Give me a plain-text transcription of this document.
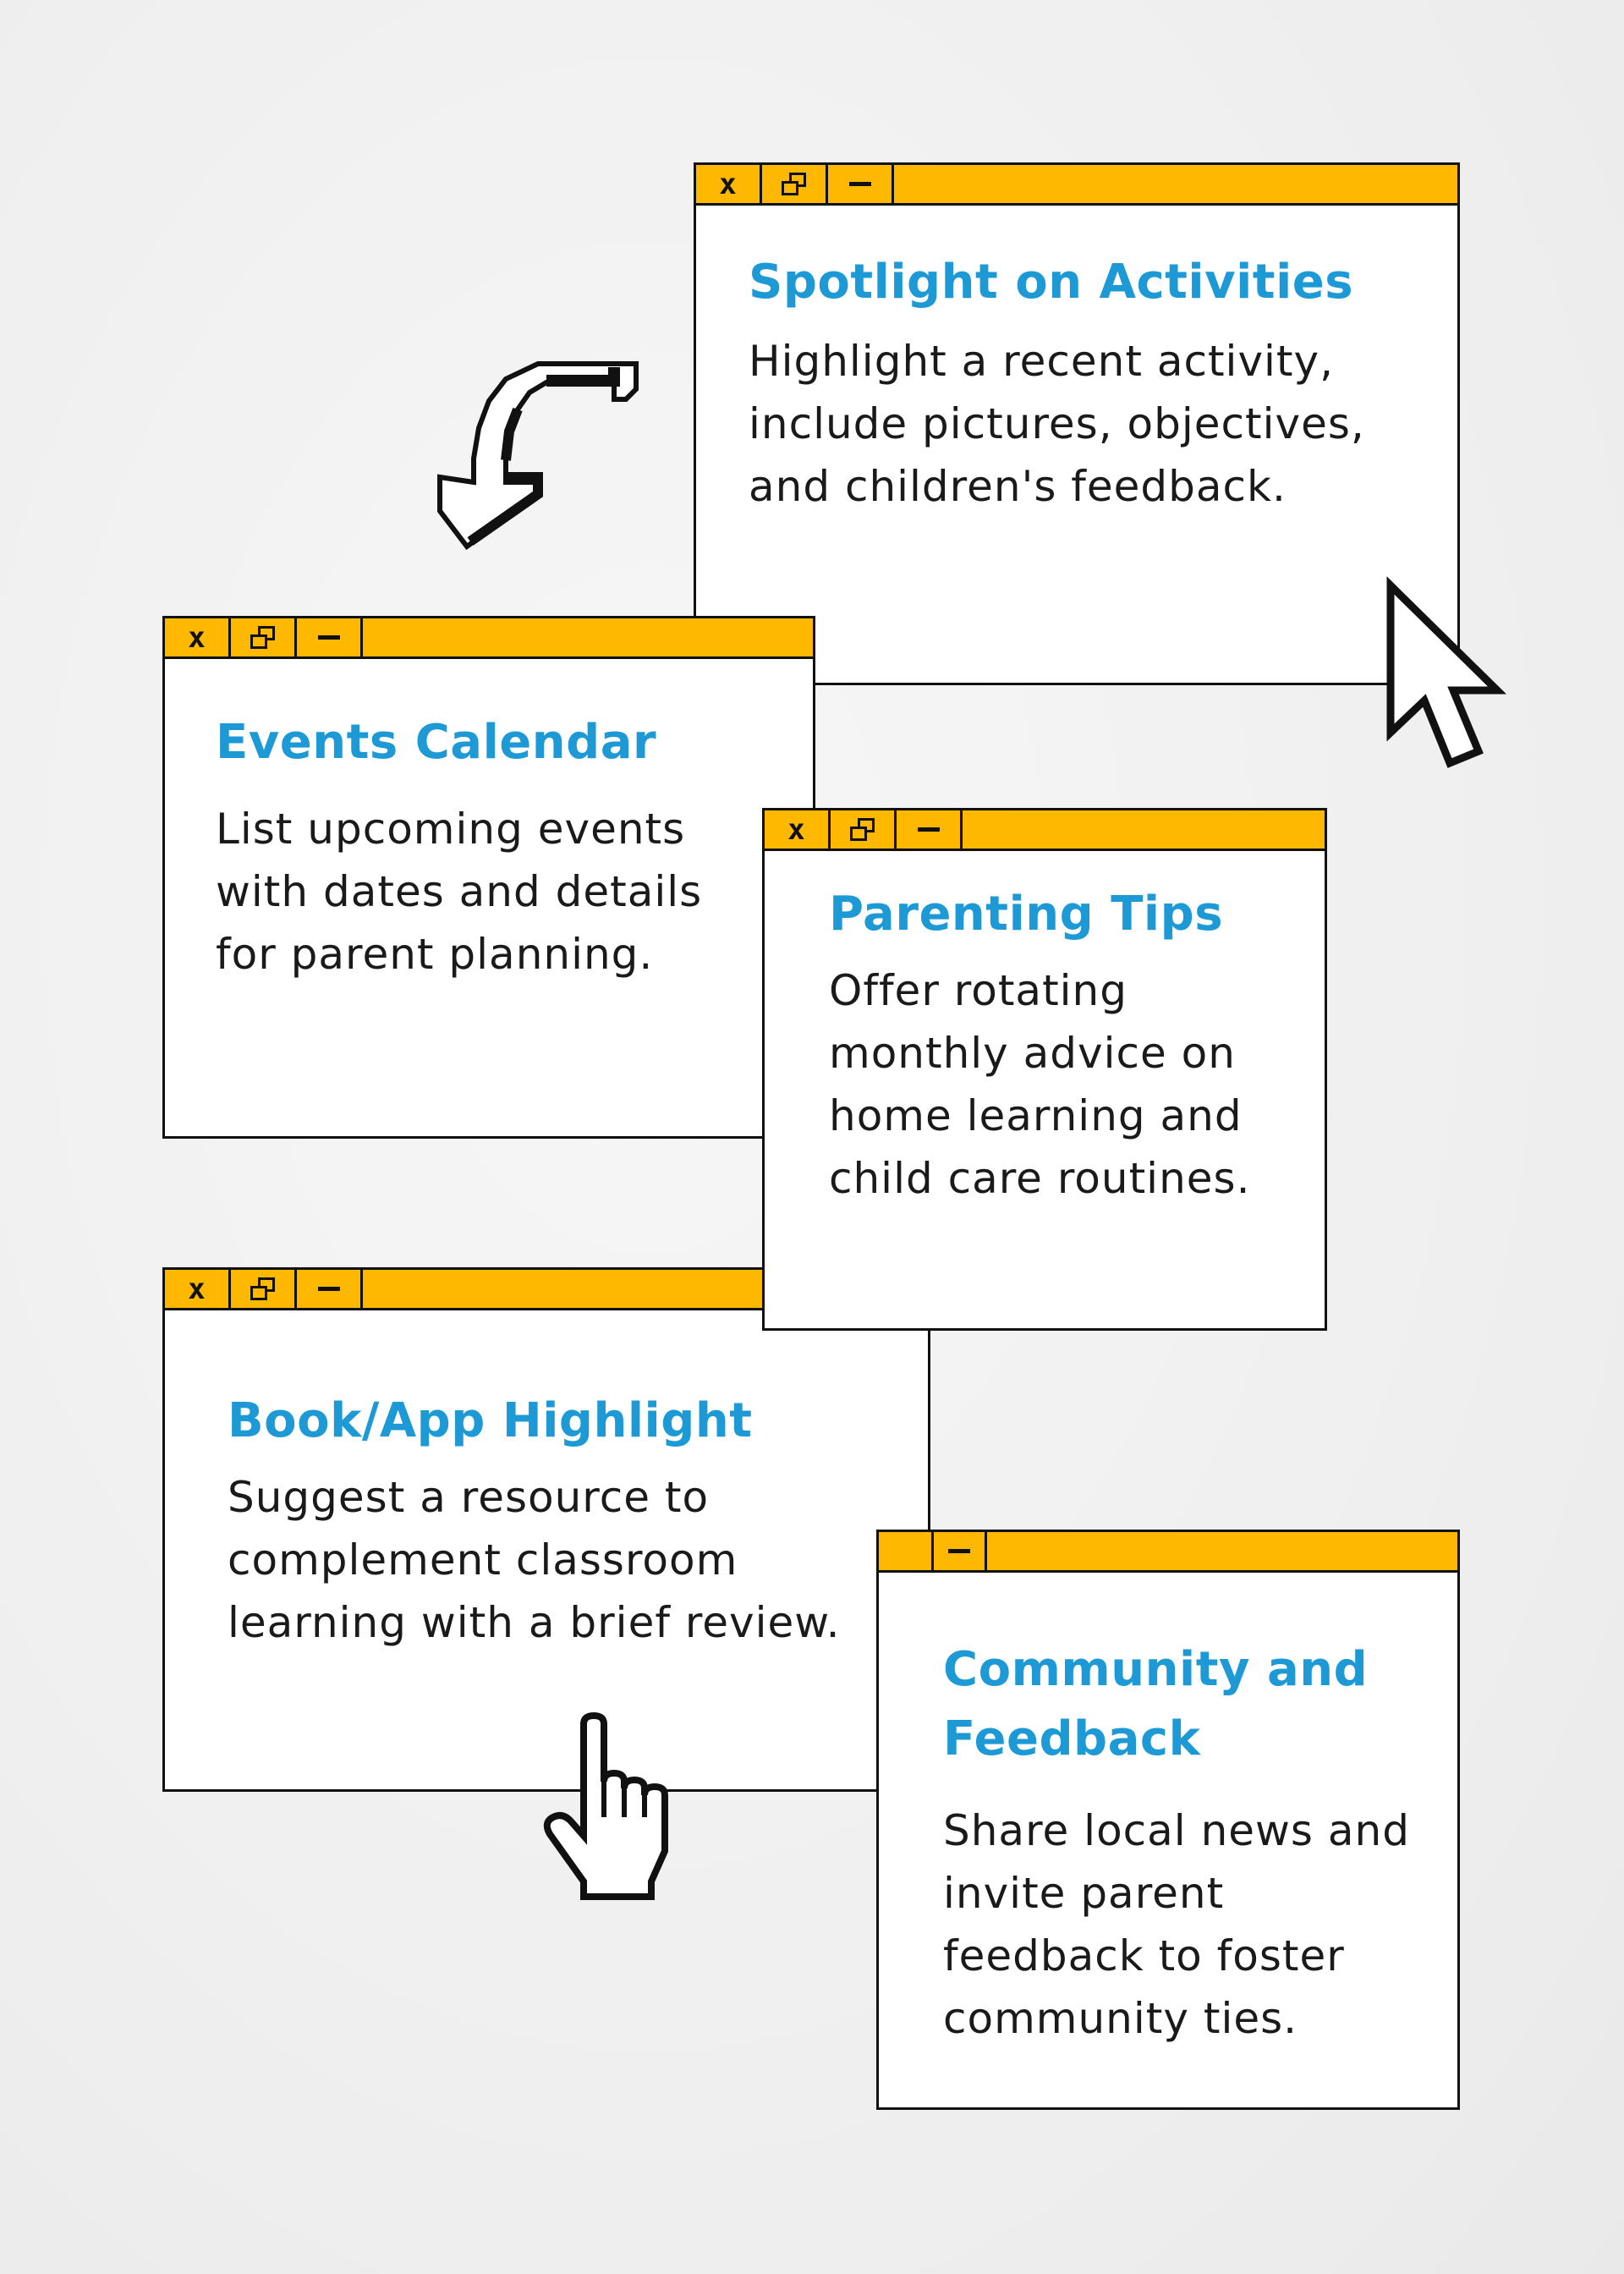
x
Spotlight on Activities

Highlight a recent activity, include pictures, objectives, and children's feedback.

x
Events Calendar

List upcoming events with dates and details for parent planning.

x
Book/App Highlight

Suggest a resource to complement classroom learning with a brief review.

x
Parenting Tips

Offer rotating monthly advice on home learning and child care routines.

Community and Feedback

Share local news and invite parent feedback to foster community ties.
